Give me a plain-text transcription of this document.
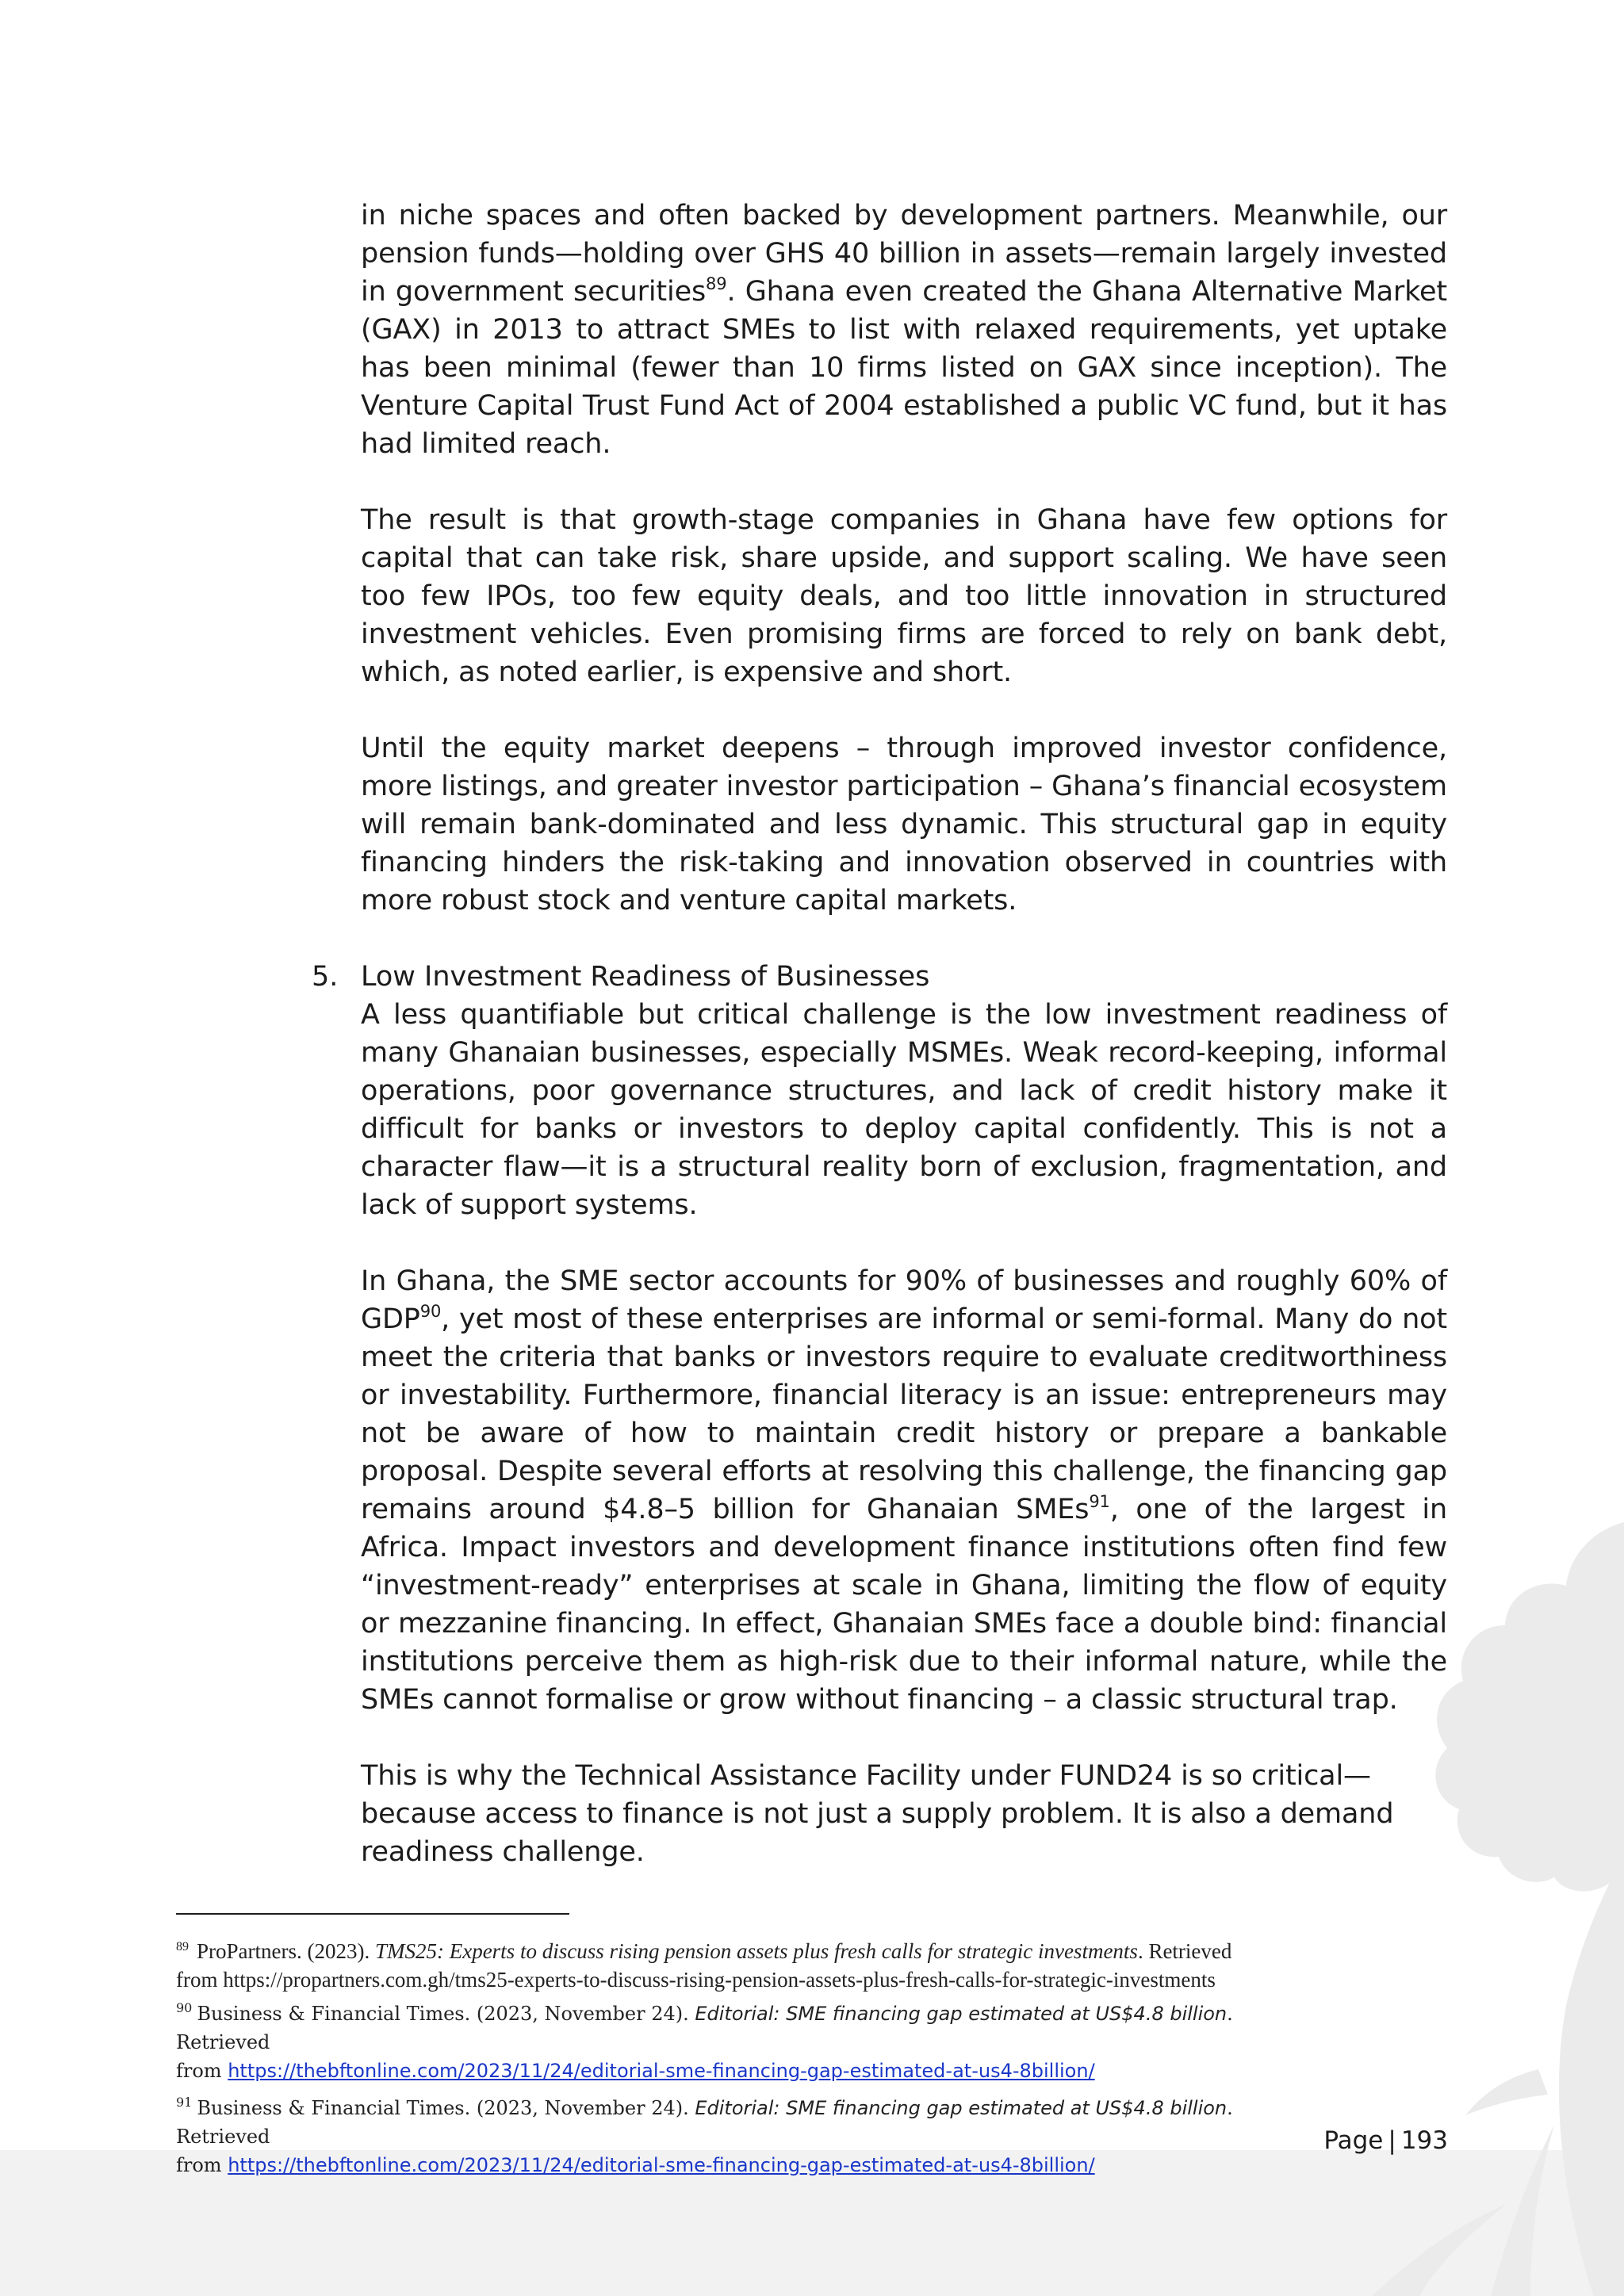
in niche spaces and often backed by development partners. Meanwhile, our pension funds—holding over GHS 40 billion in assets—remain largely invested in government securities$^{89}$. Ghana even created the Ghana Alternative Market (GAX) in 2013 to attract SMEs to list with relaxed requirements, yet uptake has been minimal (fewer than 10 firms listed on GAX since inception). The Venture Capital Trust Fund Act of 2004 established a public VC fund, but it has had limited reach.

The result is that growth-stage companies in Ghana have few options for capital that can take risk, share upside, and support scaling. We have seen too few IPOs, too few equity deals, and too little innovation in structured investment vehicles. Even promising firms are forced to rely on bank debt, which, as noted earlier, is expensive and short.

Until the equity market deepens – through improved investor confidence, more listings, and greater investor participation – Ghana’s financial ecosystem will remain bank-dominated and less dynamic. This structural gap in equity financing hinders the risk-taking and innovation observed in countries with more robust stock and venture capital markets.

5. Low Investment Readiness of Businesses

A less quantifiable but critical challenge is the low investment readiness of many Ghanaian businesses, especially MSMEs. Weak record-keeping, informal operations, poor governance structures, and lack of credit history make it difficult for banks or investors to deploy capital confidently. This is not a character flaw—it is a structural reality born of exclusion, fragmentation, and lack of support systems.

In Ghana, the SME sector accounts for 90% of businesses and roughly 60% of GDP$^{90}$, yet most of these enterprises are informal or semi-formal. Many do not meet the criteria that banks or investors require to evaluate creditworthiness or investability. Furthermore, financial literacy is an issue: entrepreneurs may not be aware of how to maintain credit history or prepare a bankable proposal. Despite several efforts at resolving this challenge, the financing gap remains around $4.8–5 billion for Ghanaian SMEs$^{91}$, one of the largest in Africa. Impact investors and development finance institutions often find few “investment-ready” enterprises at scale in Ghana, limiting the flow of equity or mezzanine financing. In effect, Ghanaian SMEs face a double bind: financial institutions perceive them as high-risk due to their informal nature, while the SMEs cannot formalise or grow without financing – a classic structural trap.

This is why the Technical Assistance Facility under FUND24 is so critical—
because access to finance is not just a supply problem. It is also a demand
readiness challenge.

$^{89}$ ProPartners. (2023). TMS25: Experts to discuss rising pension assets plus fresh calls for strategic investments. Retrieved
from https://propartners.com.gh/tms25-experts-to-discuss-rising-pension-assets-plus-fresh-calls-for-strategic-investments

$^{90}$ Business & Financial Times. (2023, November 24). Editorial: SME financing gap estimated at US$4.8 billion. Retrieved
from https://thebftonline.com/2023/11/24/editorial-sme-financing-gap-estimated-at-us4-8billion/

$^{91}$ Business & Financial Times. (2023, November 24). Editorial: SME financing gap estimated at US$4.8 billion. Retrieved
from https://thebftonline.com/2023/11/24/editorial-sme-financing-gap-estimated-at-us4-8billion/

Page | 193
